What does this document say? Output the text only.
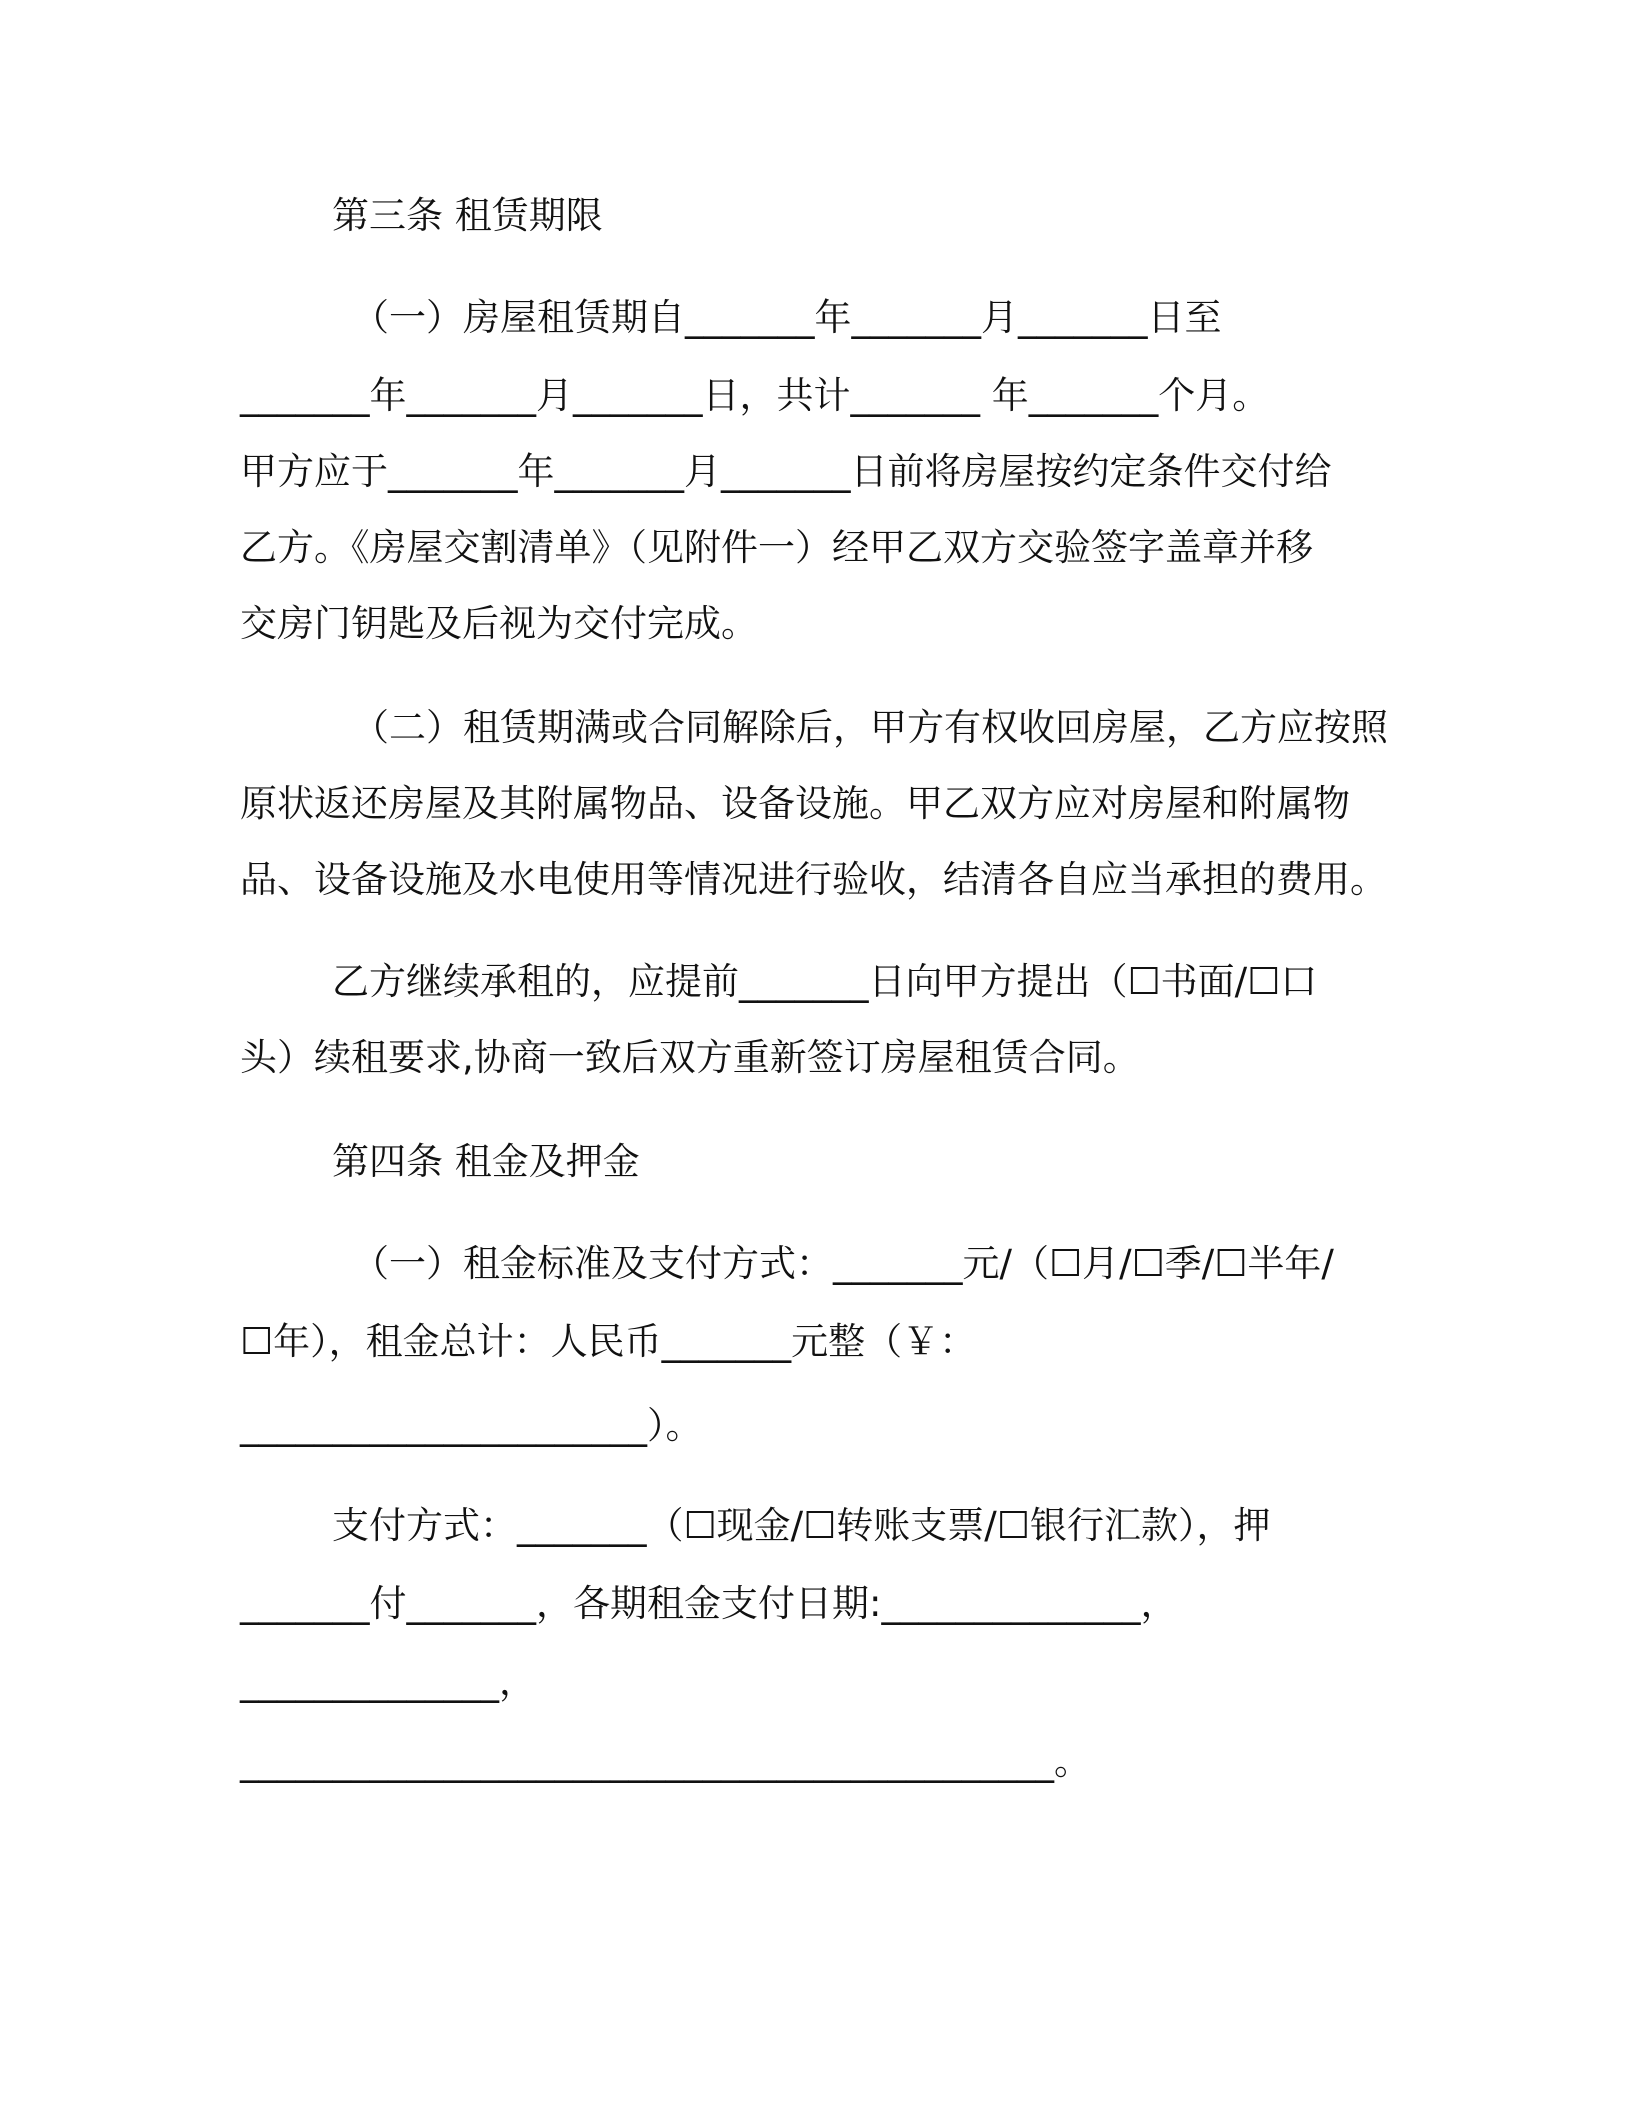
第三条 租赁期限
（一）房屋租赁期自_______年_______月_______日至
_______年_______月_______日，共计_______ 年_______个月。
甲方应于_______年_______月_______日前将房屋按约定条件交付给
乙方。《房屋交割清单》（见附件一）经甲乙双方交验签字盖章并移
交房门钥匙及后视为交付完成。
（二）租赁期满或合同解除后，甲方有权收回房屋，乙方应按照
原状返还房屋及其附属物品、设备设施。甲乙双方应对房屋和附属物
品、设备设施及水电使用等情况进行验收，结清各自应当承担的费用。
乙方继续承租的，应提前_______日向甲方提出（☐书面/☐口
头）续租要求,协商一致后双方重新签订房屋租赁合同。
第四条 租金及押金
（一）租金标准及支付方式：_______元/（☐月/☐季/☐半年/
☐年），租金总计：人民币_______元整（￥：
______________________）。
支付方式：_______（☐现金/☐转账支票/☐银行汇款），押
_______付_______，各期租金支付日期:______________，
______________，
____________________________________________。
